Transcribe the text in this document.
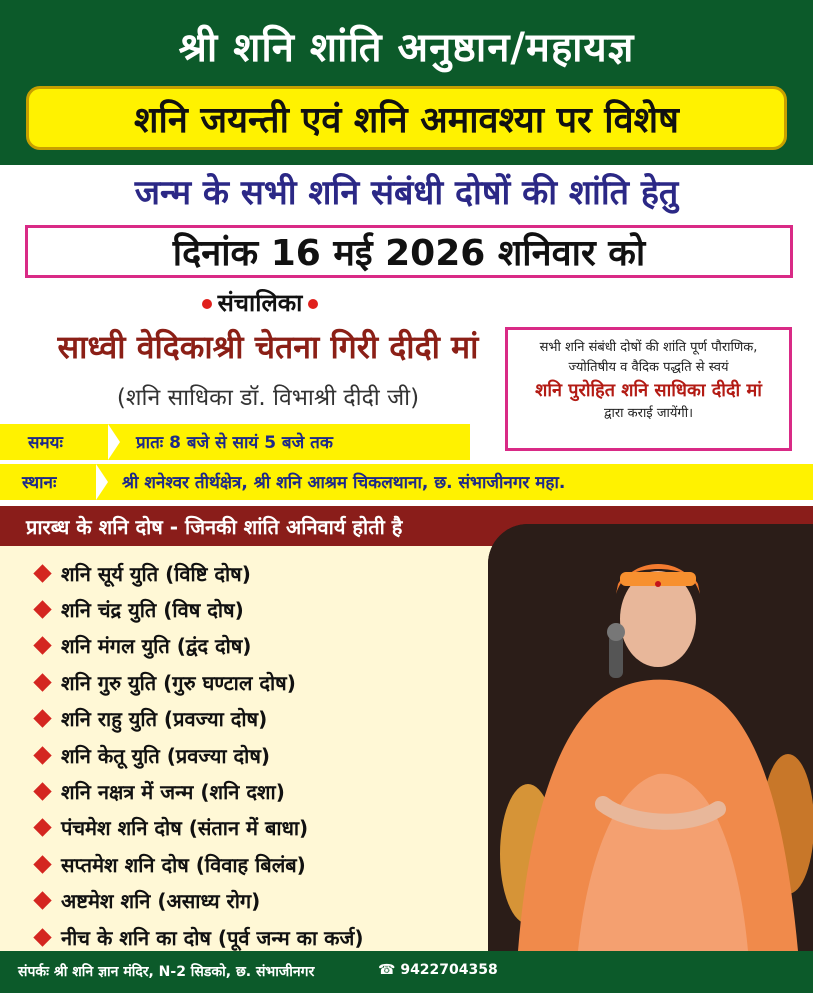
श्री शनि शांति अनुष्ठान/महायज्ञ
शनि जयन्ती एवं शनि अमावश्या पर विशेष
जन्म के सभी शनि संबंधी दोषों की शांति हेतु
दिनांक 16 मई 2026 शनिवार को
संचालिका
साध्वी वेदिकाश्री चेतना गिरी दीदी मां
(शनि साधिका डॉ. विभाश्री दीदी जी)
सभी शनि संबंधी दोषों की शांति पूर्ण पौराणिक,
ज्योतिषीय व वैदिक पद्धति से स्वयं
शनि पुरोहित शनि साधिका दीदी मां
द्वारा कराई जायेंगी।
समयः	प्रातः 8 बजे से सायं 5 बजे तक
स्थानः	श्री शनेश्वर तीर्थक्षेत्र, श्री शनि आश्रम चिकलथाना, छ. संभाजीनगर महा.
प्रारब्ध के शनि दोष - जिनकी शांति अनिवार्य होती है
शनि सूर्य युति (विष्टि दोष)
शनि चंद्र युति (विष दोष)
शनि मंगल युति (द्वंद दोष)
शनि गुरु युति (गुरु घण्टाल दोष)
शनि राहु युति (प्रवज्या दोष)
शनि केतू युति (प्रवज्या दोष)
शनि नक्षत्र में जन्म (शनि दशा)
पंचमेश शनि दोष (संतान में बाधा)
सप्तमेश शनि दोष (विवाह बिलंब)
अष्टमेश शनि (असाध्य रोग)
नीच के शनि का दोष (पूर्व जन्म का कर्ज)
संपर्कः श्री शनि ज्ञान मंदिर, N-2 सिडको, छ. संभाजीनगर	☎ 9422704358
